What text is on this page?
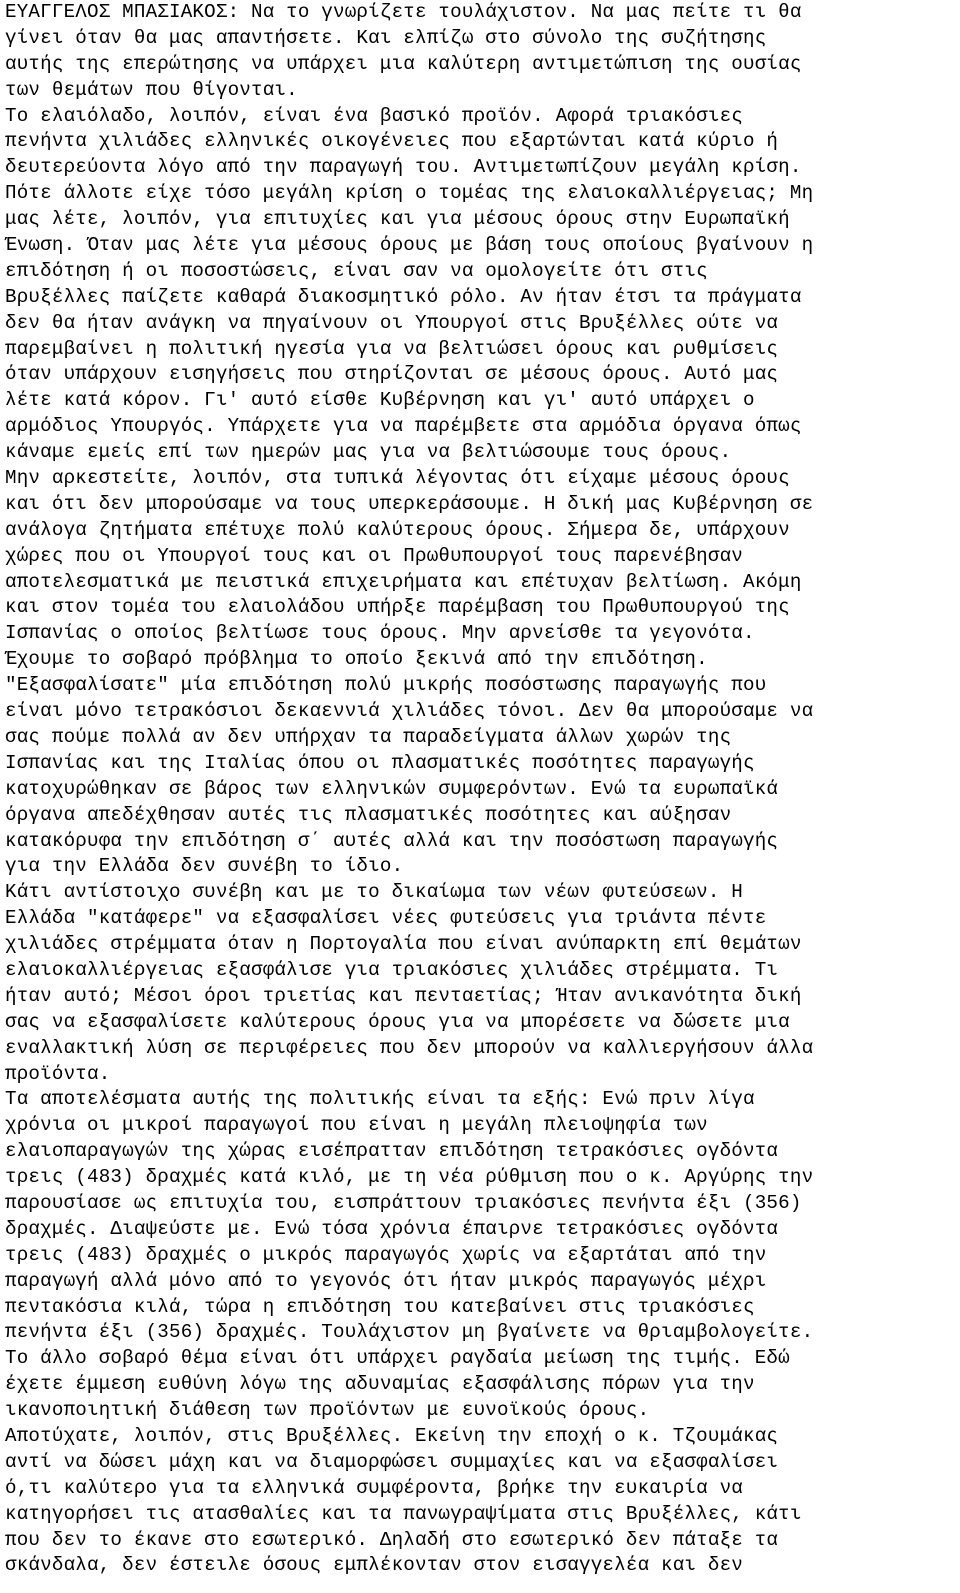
ΕΥΑΓΓΕΛΟΣ ΜΠΑΣΙΑΚΟΣ: Να το γνωρίζετε τουλάχιστον. Να μας πείτε τι θα
γίνει όταν θα μας απαντήσετε. Και ελπίζω στο σύνολο της συζήτησης
αυτής της επερώτησης να υπάρχει μια καλύτερη αντιμετώπιση της ουσίας
των θεμάτων που θίγονται.
Το ελαιόλαδο, λοιπόν, είναι ένα βασικό προϊόν. Αφορά τριακόσιες
πενήντα χιλιάδες ελληνικές οικογένειες που εξαρτώνται κατά κύριο ή
δευτερεύοντα λόγο από την παραγωγή του. Αντιμετωπίζουν μεγάλη κρίση.
Πότε άλλοτε είχε τόσο μεγάλη κρίση ο τομέας της ελαιοκαλλιέργειας; Μη
μας λέτε, λοιπόν, για επιτυχίες και για μέσους όρους στην Ευρωπαϊκή
Ένωση. Όταν μας λέτε για μέσους όρους με βάση τους οποίους βγαίνουν η
επιδότηση ή οι ποσοστώσεις, είναι σαν να ομολογείτε ότι στις
Βρυξέλλες παίζετε καθαρά διακοσμητικό ρόλο. Αν ήταν έτσι τα πράγματα
δεν θα ήταν ανάγκη να πηγαίνουν οι Υπουργοί στις Βρυξέλλες ούτε να
παρεμβαίνει η πολιτική ηγεσία για να βελτιώσει όρους και ρυθμίσεις
όταν υπάρχουν εισηγήσεις που στηρίζονται σε μέσους όρους. Αυτό μας
λέτε κατά κόρον. Γι' αυτό είσθε Κυβέρνηση και γι' αυτό υπάρχει ο
αρμόδιος Υπουργός. Υπάρχετε για να παρέμβετε στα αρμόδια όργανα όπως
κάναμε εμείς επί των ημερών μας για να βελτιώσουμε τους όρους.
Μην αρκεστείτε, λοιπόν, στα τυπικά λέγοντας ότι είχαμε μέσους όρους
και ότι δεν μπορούσαμε να τους υπερκεράσουμε. Η δική μας Κυβέρνηση σε
ανάλογα ζητήματα επέτυχε πολύ καλύτερους όρους. Σήμερα δε, υπάρχουν
χώρες που οι Υπουργοί τους και οι Πρωθυπουργοί τους παρενέβησαν
αποτελεσματικά με πειστικά επιχειρήματα και επέτυχαν βελτίωση. Ακόμη
και στον τομέα του ελαιολάδου υπήρξε παρέμβαση του Πρωθυπουργού της
Ισπανίας ο οποίος βελτίωσε τους όρους. Μην αρνείσθε τα γεγονότα.
Έχουμε το σοβαρό πρόβλημα το οποίο ξεκινά από την επιδότηση.
"Εξασφαλίσατε" μία επιδότηση πολύ μικρής ποσόστωσης παραγωγής που
είναι μόνο τετρακόσιοι δεκαεννιά χιλιάδες τόνοι. Δεν θα μπορούσαμε να
σας πούμε πολλά αν δεν υπήρχαν τα παραδείγματα άλλων χωρών της
Ισπανίας και της Ιταλίας όπου οι πλασματικές ποσότητες παραγωγής
κατοχυρώθηκαν σε βάρος των ελληνικών συμφερόντων. Ενώ τα ευρωπαϊκά
όργανα απεδέχθησαν αυτές τις πλασματικές ποσότητες και αύξησαν
κατακόρυφα την επιδότηση σ΄ αυτές αλλά και την ποσόστωση παραγωγής
για την Ελλάδα δεν συνέβη το ίδιο.
Κάτι αντίστοιχο συνέβη και με το δικαίωμα των νέων φυτεύσεων. Η
Ελλάδα "κατάφερε" να εξασφαλίσει νέες φυτεύσεις για τριάντα πέντε
χιλιάδες στρέμματα όταν η Πορτογαλία που είναι ανύπαρκτη επί θεμάτων
ελαιοκαλλιέργειας εξασφάλισε για τριακόσιες χιλιάδες στρέμματα. Τι
ήταν αυτό; Μέσοι όροι τριετίας και πενταετίας; Ήταν ανικανότητα δική
σας να εξασφαλίσετε καλύτερους όρους για να μπορέσετε να δώσετε μια
εναλλακτική λύση σε περιφέρειες που δεν μπορούν να καλλιεργήσουν άλλα
προϊόντα.
Τα αποτελέσματα αυτής της πολιτικής είναι τα εξής: Ενώ πριν λίγα
χρόνια οι μικροί παραγωγοί που είναι η μεγάλη πλειοψηφία των
ελαιοπαραγωγών της χώρας εισέπρατταν επιδότηση τετρακόσιες ογδόντα
τρεις (483) δραχμές κατά κιλό, με τη νέα ρύθμιση που ο κ. Αργύρης την
παρουσίασε ως επιτυχία του, εισπράττουν τριακόσιες πενήντα έξι (356)
δραχμές. Διαψεύστε με. Ενώ τόσα χρόνια έπαιρνε τετρακόσιες ογδόντα
τρεις (483) δραχμές ο μικρός παραγωγός χωρίς να εξαρτάται από την
παραγωγή αλλά μόνο από το γεγονός ότι ήταν μικρός παραγωγός μέχρι
πεντακόσια κιλά, τώρα η επιδότηση του κατεβαίνει στις τριακόσιες
πενήντα έξι (356) δραχμές. Τουλάχιστον μη βγαίνετε να θριαμβολογείτε.
Το άλλο σοβαρό θέμα είναι ότι υπάρχει ραγδαία μείωση της τιμής. Εδώ
έχετε έμμεση ευθύνη λόγω της αδυναμίας εξασφάλισης πόρων για την
ικανοποιητική διάθεση των προϊόντων με ευνοϊκούς όρους.
Αποτύχατε, λοιπόν, στις Βρυξέλλες. Εκείνη την εποχή ο κ. Τζουμάκας
αντί να δώσει μάχη και να διαμορφώσει συμμαχίες και να εξασφαλίσει
ό,τι καλύτερο για τα ελληνικά συμφέροντα, βρήκε την ευκαιρία να
κατηγορήσει τις ατασθαλίες και τα πανωγραψίματα στις Βρυξέλλες, κάτι
που δεν το έκανε στο εσωτερικό. Δηλαδή στο εσωτερικό δεν πάταξε τα
σκάνδαλα, δεν έστειλε όσους εμπλέκονταν στον εισαγγελέα και δεν
